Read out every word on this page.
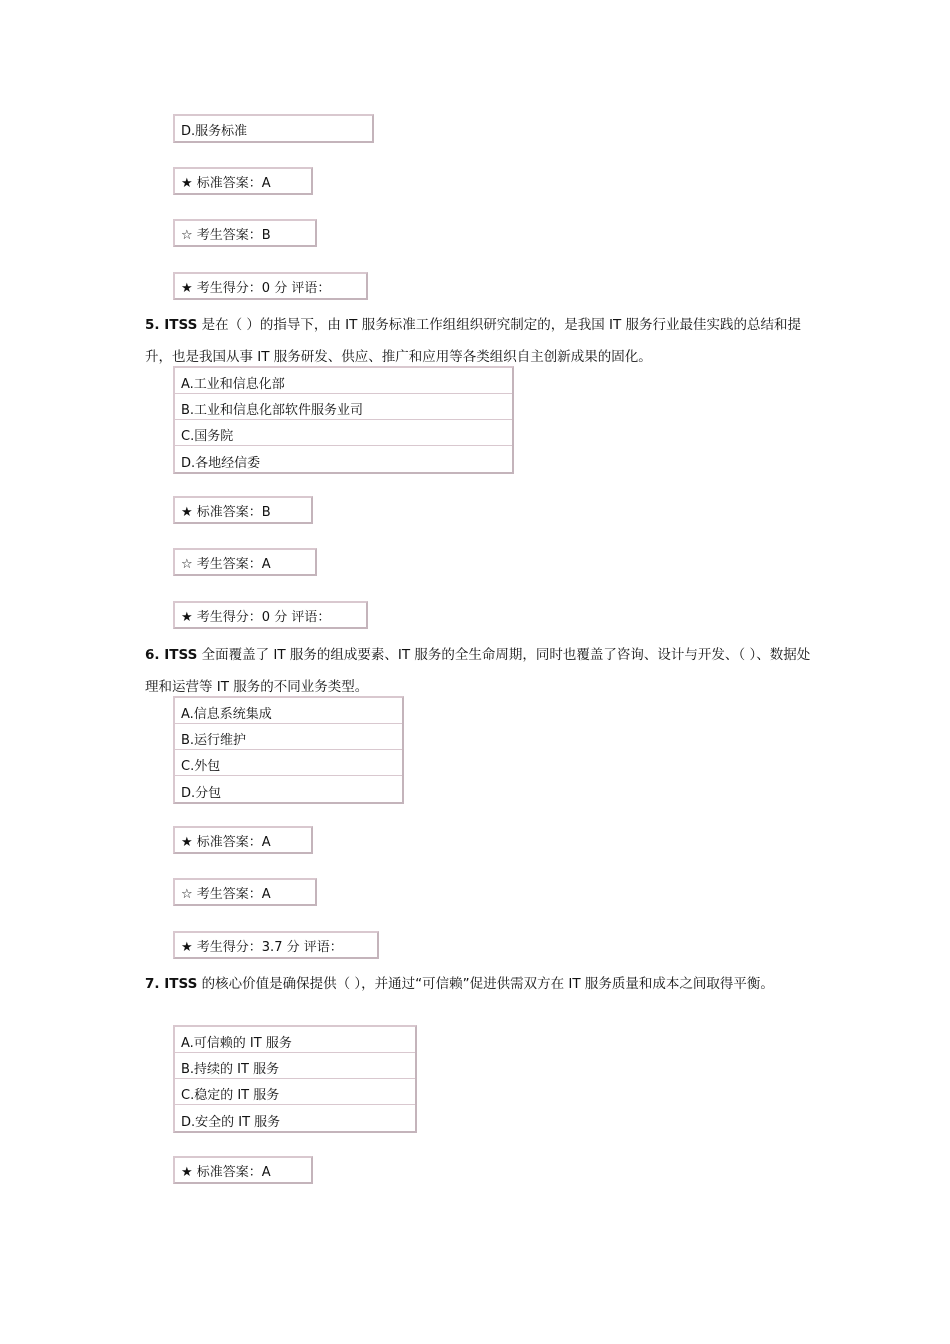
D.服务标准
★ 标准答案：A
☆ 考生答案：B
★ 考生得分：0 分 评语：

5. ITSS 是在（ ）的指导下，由 IT 服务标准工作组组织研究制定的，是我国 IT 服务行业最佳实践的总结和提升，也是我国从事 IT 服务研发、供应、推广和应用等各类组织自主创新成果的固化。

A.工业和信息化部
B.工业和信息化部软件服务业司
C.国务院
D.各地经信委
★ 标准答案：B
☆ 考生答案：A
★ 考生得分：0 分 评语：

6. ITSS 全面覆盖了 IT 服务的组成要素、IT 服务的全生命周期，同时也覆盖了咨询、设计与开发、（ ）、数据处理和运营等 IT 服务的不同业务类型。

A.信息系统集成
B.运行维护
C.外包
D.分包
★ 标准答案：A
☆ 考生答案：A
★ 考生得分：3.7 分 评语：

7. ITSS 的核心价值是确保提供（ ），并通过“可信赖”促进供需双方在 IT 服务质量和成本之间取得平衡。

A.可信赖的 IT 服务
B.持续的 IT 服务
C.稳定的 IT 服务
D.安全的 IT 服务
★ 标准答案：A
